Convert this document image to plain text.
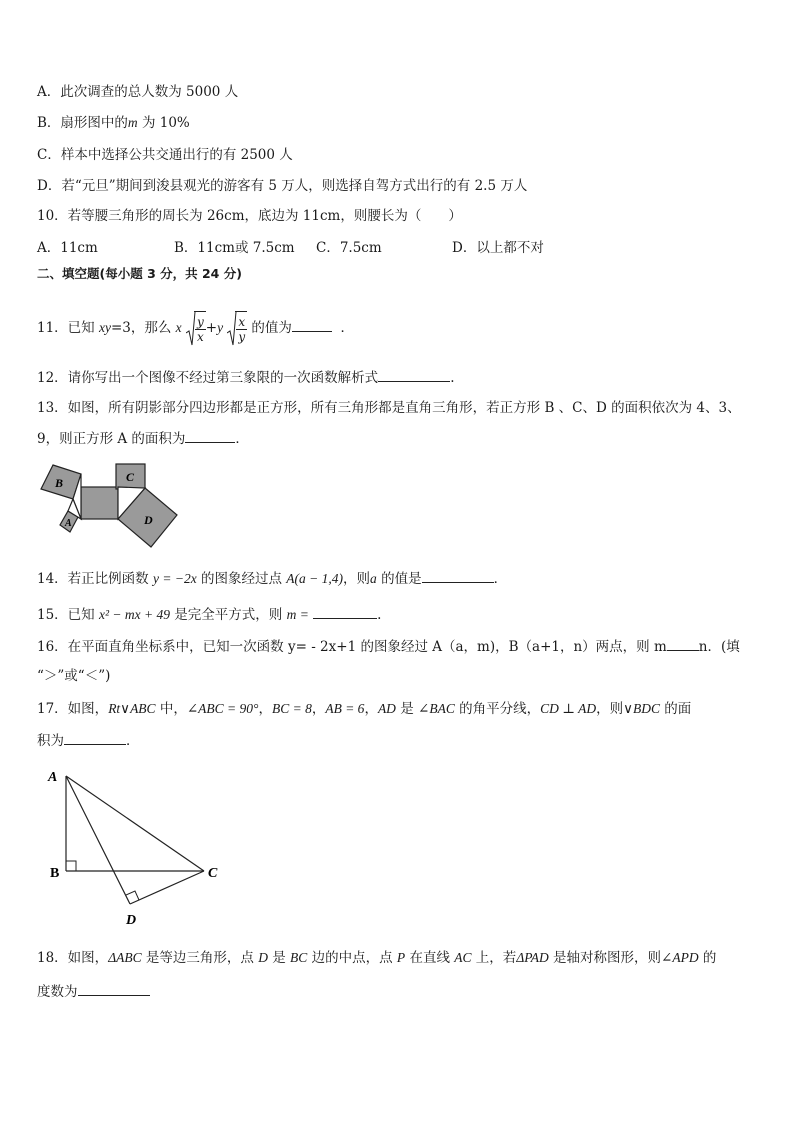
A．此次调查的总人数为 5000 人
B．扇形图中的m 为 10%
C．样本中选择公共交通出行的有 2500 人
D．若“元旦”期间到浚县观光的游客有 5 万人，则选择自驾方式出行的有 2.5 万人
10．若等腰三角形的周长为 26cm，底边为 11cm，则腰长为（　　）
A．11cm	B．11cm或 7.5cm C．7.5cm	D．以上都不对
二、填空题(每小题 3 分，共 24 分)
11．已知 xy=3，那么 x $\frac{y}{x} +y \frac{x}{y}$ 的值为	．
12．请你写出一个图像不经过第三象限的一次函数解析式	.
13．如图，所有阴影部分四边形都是正方形，所有三角形都是直角三角形，若正方形 B 、C、D 的面积依次为 4、3、
9，则正方形 A 的面积为	．
B	C
A	D
14．若正比例函数 y = −2x 的图象经过点 A(a − 1,4)，则a 的值是	．
15．已知 x² − mx + 49 是完全平方式，则 m =	.
16．在平面直角坐标系中，已知一次函数 y= - 2x+1 的图象经过 A（a，m)，B（a+1，n）两点，则 m n．(填
“＞”或“＜”)
17．如图，Rt∨ABC 中，∠ABC = 90°，BC = 8，AB = 6，AD 是 ∠BAC 的角平分线，CD ⊥ AD，则∨BDC 的面
积为	．
A
B	C
D
18．如图，ΔABC 是等边三角形，点 D 是 BC 边的中点，点 P 在直线 AC 上，若ΔPAD 是轴对称图形，则∠APD 的
度数为
